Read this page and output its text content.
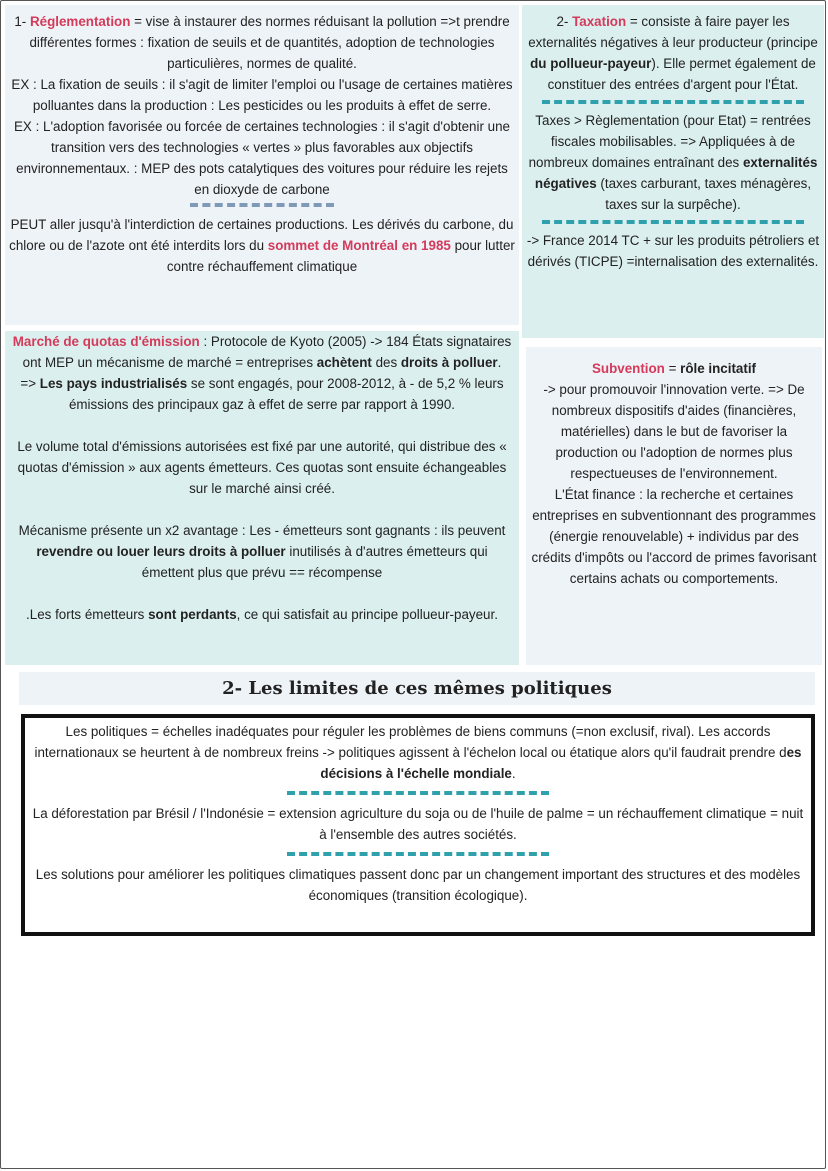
1- Réglementation = vise à instaurer des normes réduisant la pollution =>t prendre différentes formes : fixation de seuils et de quantités, adoption de technologies particulières, normes de qualité.

EX : La fixation de seuils : il s'agit de limiter l'emploi ou l'usage de certaines matières polluantes dans la production : Les pesticides ou les produits à effet de serre.

EX : L'adoption favorisée ou forcée de certaines technologies : il s'agit d'obtenir une transition vers des technologies « vertes » plus favorables aux objectifs environnementaux. : MEP des pots catalytiques des voitures pour réduire les rejets en dioxyde de carbone

PEUT aller jusqu'à l'interdiction de certaines productions. Les dérivés du carbone, du chlore ou de l'azote ont été interdits lors du sommet de Montréal en 1985 pour lutter contre réchauffement climatique

2- Taxation = consiste à faire payer les externalités négatives à leur producteur (principe du pollueur-payeur). Elle permet également de constituer des entrées d'argent pour l'État.

Taxes > Règlementation (pour Etat) = rentrées fiscales mobilisables. => Appliquées à de nombreux domaines entraînant des externalités négatives (taxes carburant, taxes ménagères, taxes sur la surpêche).

-> France 2014 TC + sur les produits pétroliers et dérivés (TICPE) =internalisation des externalités.

Marché de quotas d'émission : Protocole de Kyoto (2005) -> 184 États signataires ont MEP un mécanisme de marché = entreprises achètent des droits à polluer.

=> Les pays industrialisés se sont engagés, pour 2008-2012, à - de 5,2 % leurs émissions des principaux gaz à effet de serre par rapport à 1990.

Le volume total d'émissions autorisées est fixé par une autorité, qui distribue des « quotas d'émission » aux agents émetteurs. Ces quotas sont ensuite échangeables sur le marché ainsi créé.

Mécanisme présente un x2 avantage : Les - émetteurs sont gagnants : ils peuvent revendre ou louer leurs droits à polluer inutilisés à d'autres émetteurs qui émettent plus que prévu == récompense

.Les forts émetteurs sont perdants, ce qui satisfait au principe pollueur-payeur.

Subvention = rôle incitatif

-> pour promouvoir l'innovation verte. => De nombreux dispositifs d'aides (financières, matérielles) dans le but de favoriser la production ou l'adoption de normes plus respectueuses de l'environnement.

L'État finance : la recherche et certaines entreprises en subventionnant des programmes (énergie renouvelable) + individus par des crédits d'impôts ou l'accord de primes favorisant certains achats ou comportements.

2- Les limites de ces mêmes politiques

Les politiques = échelles inadéquates pour réguler les problèmes de biens communs (=non exclusif, rival). Les accords internationaux se heurtent à de nombreux freins -> politiques agissent à l'échelon local ou étatique alors qu'il faudrait prendre des décisions à l'échelle mondiale.

La déforestation par Brésil / l'Indonésie = extension agriculture du soja ou de l'huile de palme = un réchauffement climatique = nuit à l'ensemble des autres sociétés.

Les solutions pour améliorer les politiques climatiques passent donc par un changement important des structures et des modèles économiques (transition écologique).
